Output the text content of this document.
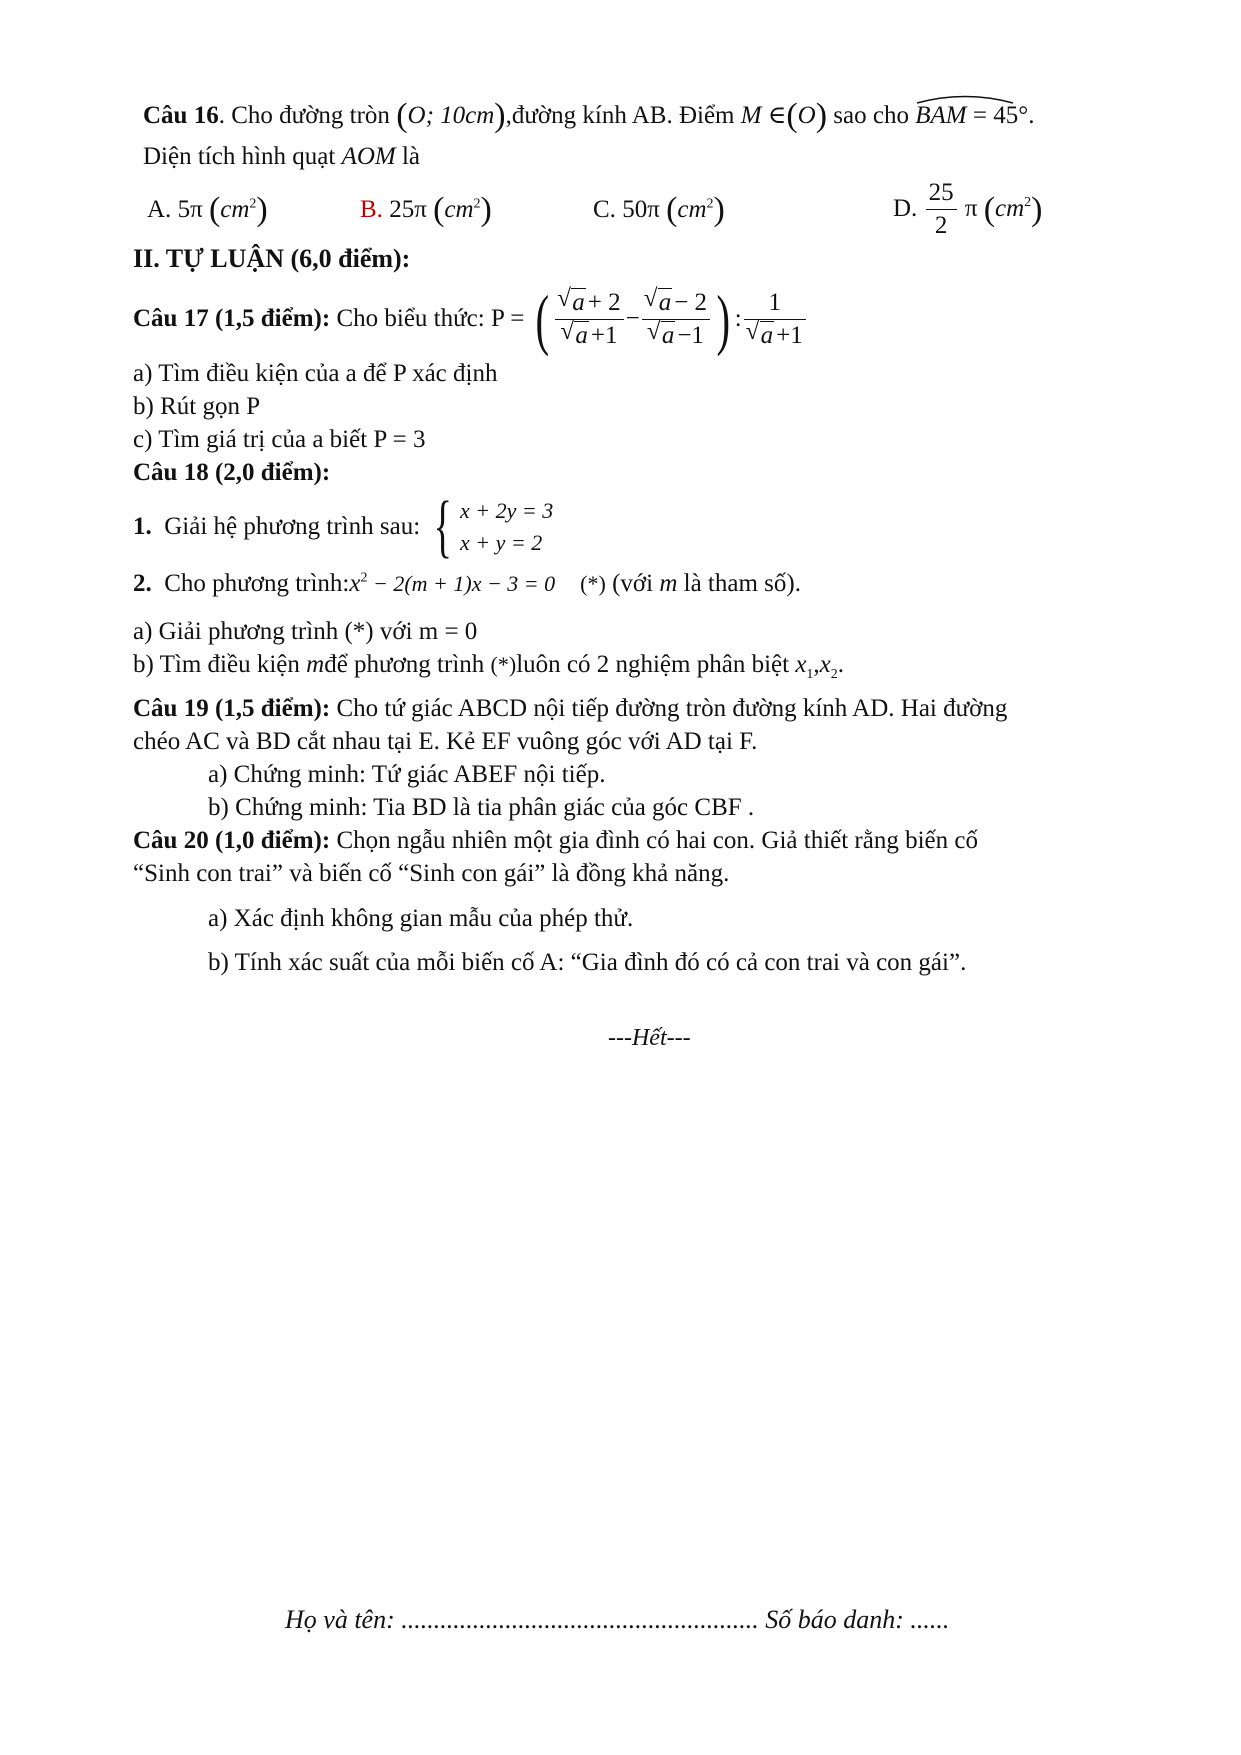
Câu 16. Cho đường tròn (O; 10cm),đường kính AB. Điểm M ∈(O) sao cho BAM = 45°.
Diện tích hình quạt AOM là
A. 5π $(cm^2)$	B. 25π $(cm^2)$	C. 50π $(cm^2)$	D. $\frac{25}{2}$ π $(cm^2)$
II. TỰ LUẬN (6,0 điểm):
Câu 17 (1,5 điểm):
Cho biểu thức: P =
( √ a + 2
√ a +1 − √ a − 2
√ a −1 ) : 1
√ a +1
a) Tìm điều kiện của a để P xác định
b) Rút gọn P
c) Tìm giá trị của a biết P = 3
Câu 18 (2,0 điểm):
1.
Giải hệ phương trình sau:
{ x + 2y = 3
x + y = 2
2. Cho phương $trình:x^2 - 2(m + 1)x - 3 = 0$ (*) (với m là tham số).
a) Giải phương trình (*) với m = 0
b) Tìm điều kiện mđể phương trình (*)luôn có 2 nghiệm phân biệt $x_1,x_2$.
Câu 19 (1,5 điểm): Cho tứ giác ABCD nội tiếp đường tròn đường kính AD. Hai đường
chéo AC và BD cắt nhau tại E. Kẻ EF vuông góc với AD tại F.
a) Chứng minh: Tứ giác ABEF nội tiếp.
b) Chứng minh: Tia BD là tia phân giác của góc CBF .
Câu 20 (1,0 điểm): Chọn ngẫu nhiên một gia đình có hai con. Giả thiết rằng biến cố
“Sinh con trai” và biến cố “Sinh con gái” là đồng khả năng.
a) Xác định không gian mẫu của phép thử.
b) Tính xác suất của mỗi biến cố A: “Gia đình đó có cả con trai và con gái”.
---Hết---
Họ và tên: ....................................................... Số báo danh: ......
